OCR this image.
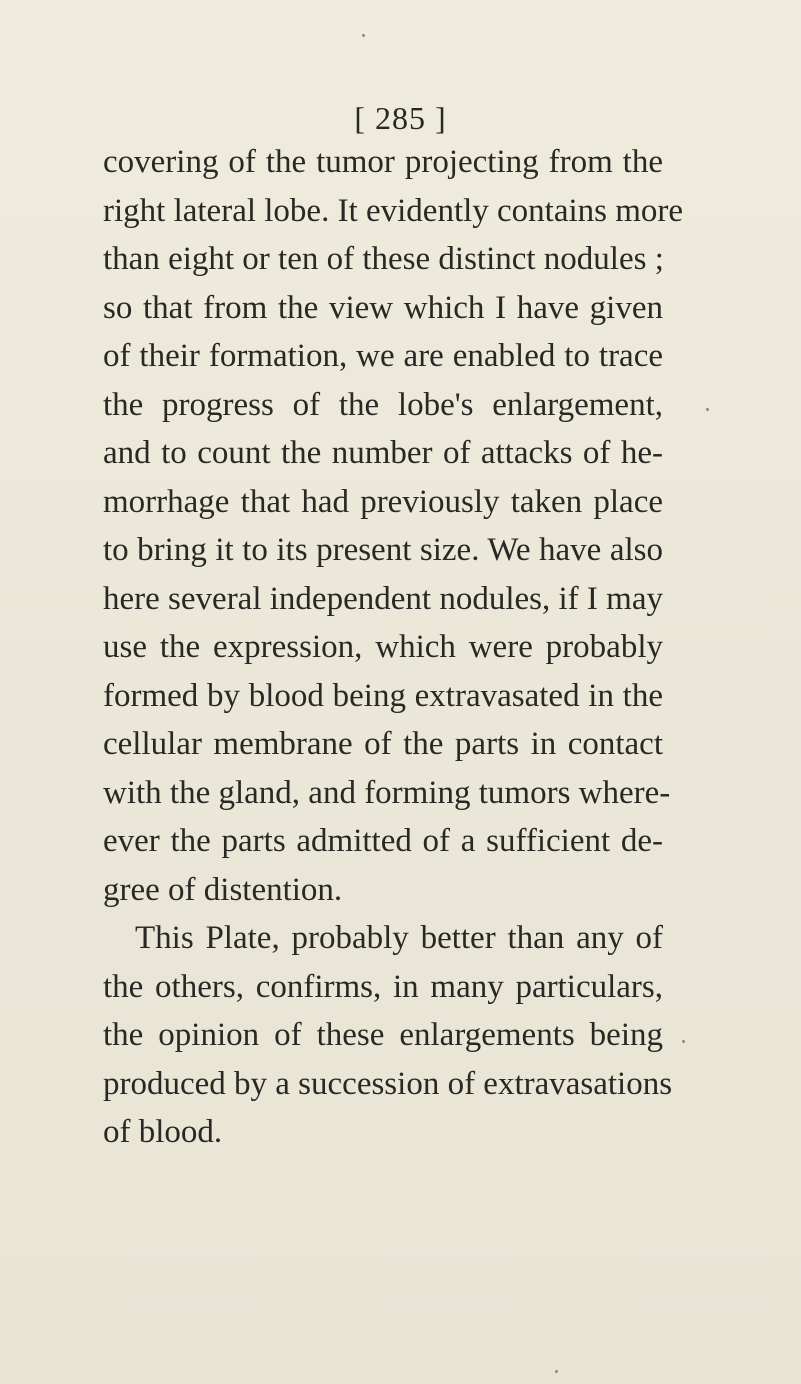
[ 285 ]
covering of the tumor projecting from the
right lateral lobe. It evidently contains more
than eight or ten of these distinct nodules ;
so that from the view which I have given
of their formation, we are enabled to trace
the progress of the lobe's enlargement,
and to count the number of attacks of he-
morrhage that had previously taken place
to bring it to its present size. We have also
here several independent nodules, if I may
use the expression, which were probably
formed by blood being extravasated in the
cellular membrane of the parts in contact
with the gland, and forming tumors where-
ever the parts admitted of a sufficient de-
gree of distention.
This Plate, probably better than any of
the others, confirms, in many particulars,
the opinion of these enlargements being
produced by a succession of extravasations
of blood.
